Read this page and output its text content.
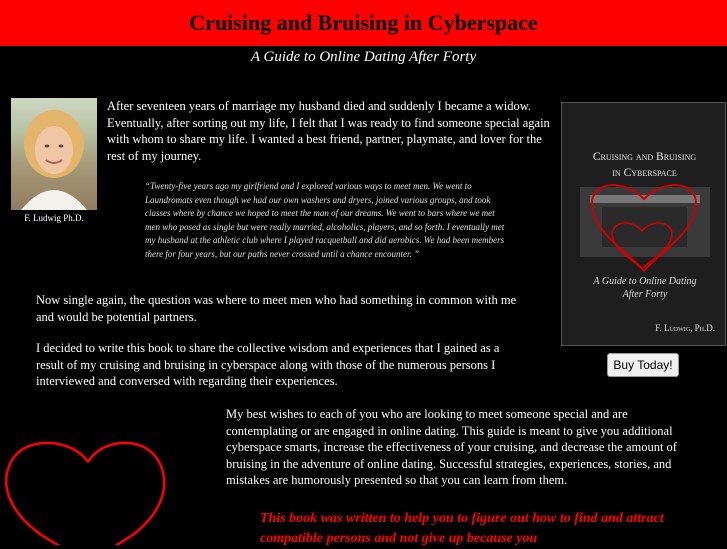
Cruising and Bruising in Cyberspace
A Guide to Online Dating After Forty
F. Ludwig Ph.D.

After seventeen years of marriage my husband died and suddenly I became a widow. Eventually, after sorting out my life, I felt that I was ready to find someone special again with whom to share my life. I wanted a best friend, partner, playmate, and lover for the rest of my journey.

“Twenty-five years ago my girlfriend and I explored various ways to meet men. We went to Laundromats even though we had our own washers and dryers, joined various groups, and took classes where by chance we hoped to meet the man of our dreams. We went to bars where we met men who posed as single but were really married, alcoholics, players, and so forth. I eventually met my husband at the athletic club where I played racquetball and did aerobics. We had been members there for four years, but our paths never crossed until a chance encounter. ”

Now single again, the question was where to meet men who had something in common with me and would be potential partners.

I decided to write this book to share the collective wisdom and experiences that I gained as a result of my cruising and bruising in cyberspace along with those of the numerous persons I interviewed and conversed with regarding their experiences.

My best wishes to each of you who are looking to meet someone special and are contemplating or are engaged in online dating. This guide is meant to give you additional cyberspace smarts, increase the effectiveness of your cruising, and decrease the amount of bruising in the adventure of online dating. Successful strategies, experiences, stories, and mistakes are humorously presented so that you can learn from them.

This book was written to help you to figure out how to find and attract compatible persons and not give up because you
Cruising and Bruising
in Cyberspace
A Guide to Online Dating
After Forty
F. Ludwig, Ph.D.
Buy Today!
